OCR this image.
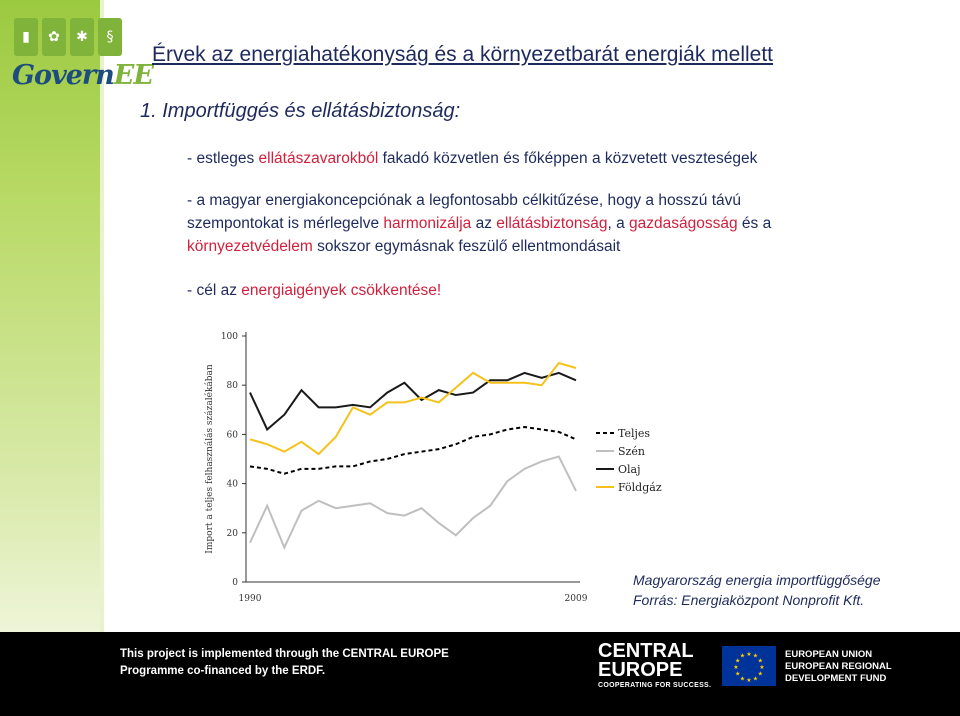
▮	✿	✱	§
GovernEE
Érvek az energiahatékonyság és a környezetbarát energiák mellett
1. Importfüggés és ellátásbiztonság:
- estleges ellátászavarokból fakadó közvetlen és főképpen a közvetett veszteségek
- a magyar energiakoncepciónak a legfontosabb célkitűzése, hogy a hosszú távú
szempontokat is mérlegelve harmonizálja az ellátásbiztonság, a gazdaságosság és a
környezetvédelem sokszor egymásnak feszülő ellentmondásait
- cél az energiaigények csökkentése!
0
20
40
60
80
100
1990	2009
Import a teljes felhasználás százalékában	Teljes
Szén
Olaj
Földgáz
Magyarország energia importfüggősége
Forrás: Energiaközpont Nonprofit Kft.
This project is implemented through the CENTRAL EUROPE
Programme co-financed by the ERDF.
CENTRAL
EUROPE
COOPERATING FOR SUCCESS.
★
★
★
★
★
★
★
★
★ ★ ★
★
EUROPEAN UNION
EUROPEAN REGIONAL
DEVELOPMENT FUND
